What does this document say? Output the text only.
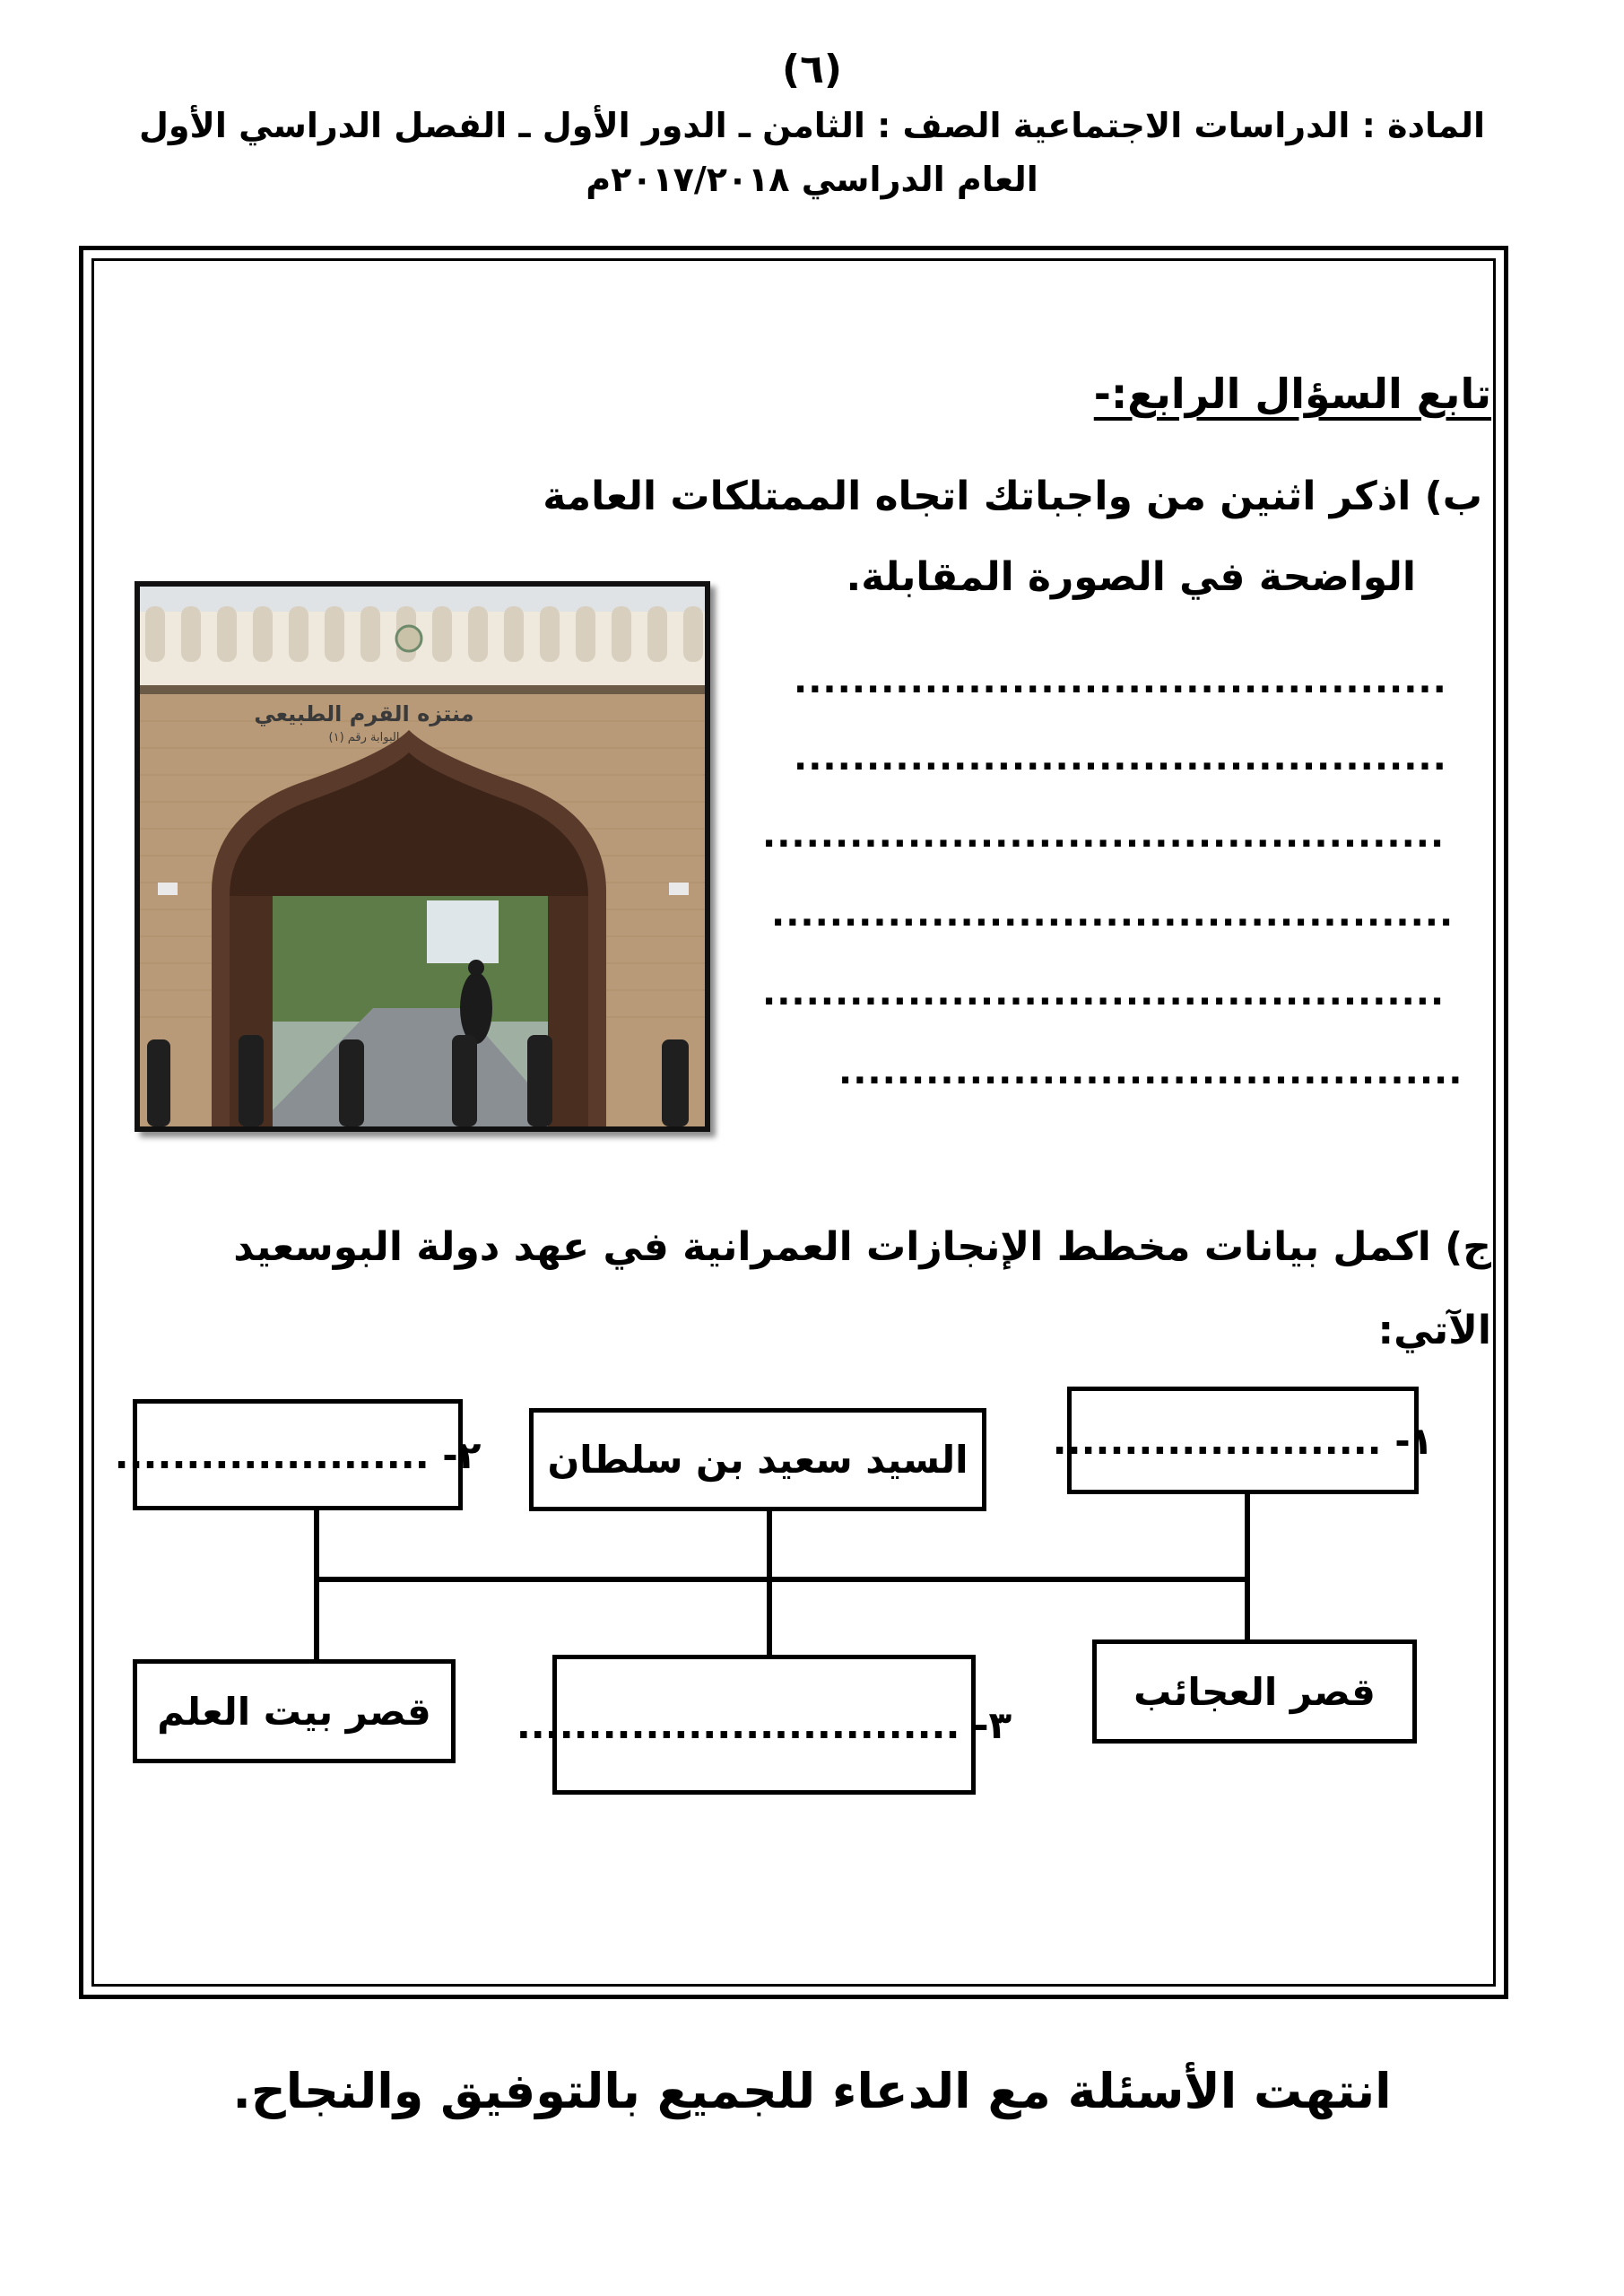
(٦)
المادة : الدراسات الاجتماعية الصف : الثامن ـ الدور الأول ـ الفصل الدراسي الأول
العام الدراسي ٢٠١٧/٢٠١٨م
تابع السؤال الرابع:-
ب) اذكر اثنين من واجباتك اتجاه الممتلكات العامة
الواضحة في الصورة المقابلة.
.............................................
.............................................
...............................................
...............................................
...............................................
...........................................
منتزه القرم الطبيعي
البوابة رقم (١)
ج) اكمل بيانات مخطط الإنجازات العمرانية في عهد دولة البوسعيد
الآتي:
١- .......................
السيد سعيد بن سلطان
٢- ......................
قصر العجائب
٣- ...............................
قصر بيت العلم
انتهت الأسئلة مع الدعاء للجميع بالتوفيق والنجاح.
